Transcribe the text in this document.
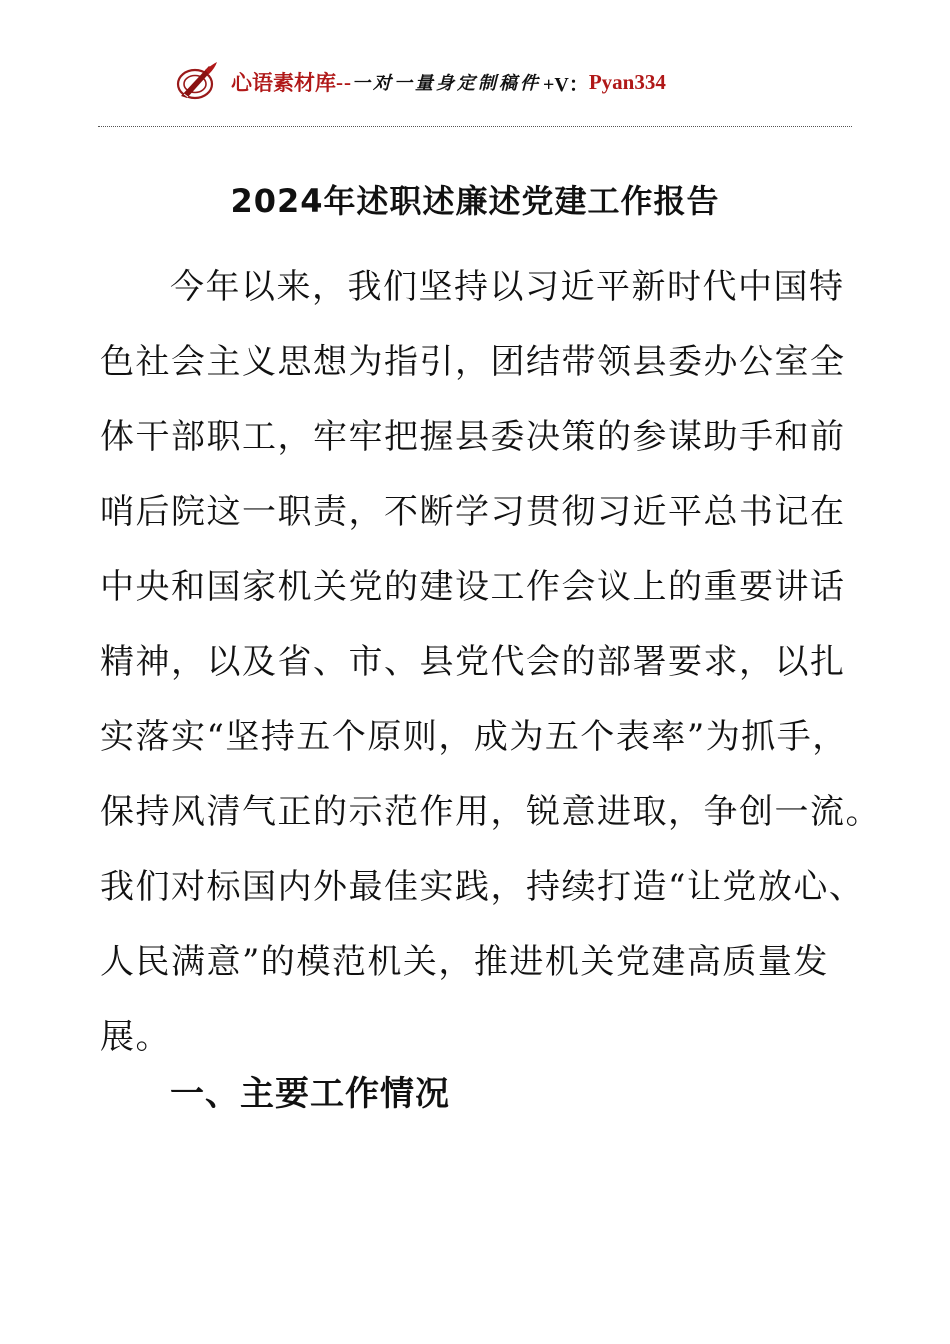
心语素材库 -- 一对一量身定制稿件 +V： Pyan334
2024年述职述廉述党建工作报告

今年以来，我们坚持以习近平新时代中国特
色社会主义思想为指引，团结带领县委办公室全
体干部职工，牢牢把握县委决策的参谋助手和前
哨后院这一职责，不断学习贯彻习近平总书记在
中央和国家机关党的建设工作会议上的重要讲话
精神，以及省、市、县党代会的部署要求，以扎
实落实“坚持五个原则，成为五个表率”为抓手，
保持风清气正的示范作用，锐意进取，争创一流。
我们对标国内外最佳实践，持续打造“让党放心、
人民满意”的模范机关，推进机关党建高质量发
展。

一、主要工作情况
